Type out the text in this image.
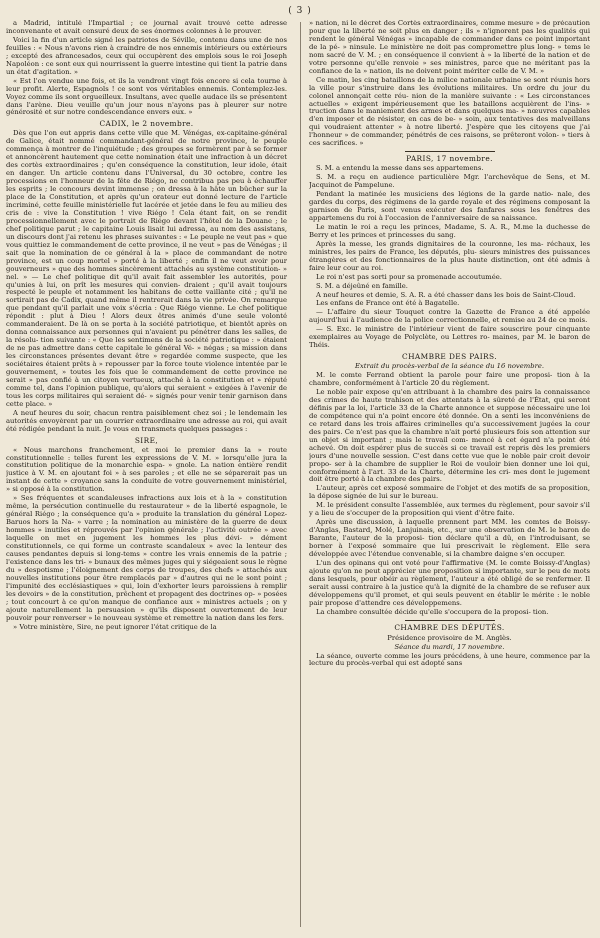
( 3 )

a Madrid, intitulé l'Impartial ; ce journal avait trouvé cette adresse inconvenante et avait censuré deux de ses énormes colonnes à le prouver.

Voici la fin d'un article signé les patriotes de Séville, contenu dans une de nos feuilles : « Nous n'avons rien à craindre de nos ennemis intérieurs ou extérieurs ; excepté des afrancesados, ceux qui occupèrent des emplois sous le roi Joseph Napoléon : ce sont eux qui nourrissent la guerre intestine qui tient la patrie dans un état d'agitation. »

« Est l'on vendue une fois, et ils la vendront vingt fois encore si cela tourne à leur profit. Alerte, Espagnols ! ce sont vos véritables ennemis. Contemplez-les. Voyez comme ils sont orgueilleux. Insultans, avec quelle audace ils se présentent dans l'arène. Dieu veuille qu'un jour nous n'ayons pas à pleurer sur notre générosité et sur notre condescendance envers eux. »

CADIX, le 2 novembre.

Dès que l'on eut appris dans cette ville que M. Vénégas, ex-capitaine-général de Galice, était nommé commandant-général de notre province, le peuple commença à montrer de l'inquiétude ; des groupes se formèrent par à se former et annoncèrent hautement que cette nomination était une infraction à un décret des cortès extraordinaires ; qu'en conséquence la constitution, leur idole, était en danger. Un article contenu dans l'Universal, du 30 octobre, contre les processions en l'honneur de la fête de Riégo, ne contribua pas peu à échauffer les esprits ; le concours devint immense ; on dressa à la hâte un bûcher sur la place de la Constitution, et après qu'un orateur eut donné lecture de l'article incriminé, cette feuille ministérielle fut lacérée et jetée dans le feu au milieu des cris de : vive la Constitution ! vive Riégo ! Cela étant fait, on se rendit processionnellement avec le portrait de Riégo devant l'hôtel de la Douane ; le chef politique parut ; le capitaine Louis lisait lui adressa, au nom des assistans, un discours dont j'ai retenu les phrases suivantes : « Le peuple ne veut pas » que vous quittiez le commandement de cette province, il ne veut » pas de Vénégas ; il sait que la nomination de ce général à la » place de commandant de notre province, est un coup mortel » porté à la liberté ; enfin il ne veut avoir pour gouverneurs » que des hommes sincèrement attachés au système constitution- » nel. » — Le chef politique dit qu'il avait fait assembler les autorités, pour qu'unies à lui, on prît les mesures qui convien- draient ; qu'il avait toujours respecté le peuple et notamment les habitans de cette vaillante cité ; qu'il ne sortirait pas de Cadix, quand même il rentrerait dans la vie privée. On remarque que pendant qu'il parlait une voix s'écria : Que Riégo vienne. Le chef politique répondit : plut à Dieu ! Alors deux êtres animés d'une seule volonté commanderaient. De là on se porta à la société patriotique, et bientôt après on donna connaissance aux personnes qui n'avaient pu pénétrer dans les salles, de la résolu- tion suivante : « Que les sentimens de la société patriotique : » étaient de ne pas admettre dans cette capitale le général Vé- » négas ; sa mission dans les circonstances présentes devant être » regardée comme suspecte, que les sociétaires étaient prêts à » repousser par la force toute violence intentée par le gouvernement, » toutes les fois que le commandement de cette province ne serait » pas confié à un citoyen vertueux, attaché à la constitution et » réputé comme tel, dans l'opinion publique, qu'alors qui seraient » exigées à l'avenir de tous les corps militaires qui seraient dé- » signés pour venir tenir garnison dans cette place. »

A neuf heures du soir, chacun rentra paisiblement chez soi ; le lendemain les autorités envoyèrent par un courrier extraordinaire une adresse au roi, qui avait été rédigée pendant la nuit. Je vous en transmets quelques passages :

SIRE,

« Nous marchons franchement, et moi le premier dans la » route constitutionnelle : telles furent les expressions de V. M. » lorsqu'elle jura la constitution politique de la monarchie espa- » gnole. La nation entière rendit justice à V. M. en ajoutant foi » à ses paroles ; et elle ne se séparerait pas un instant de cette » croyance sans la conduite de votre gouvernement ministériel, » si opposé à la constitution.

» Ses fréquentes et scandaleuses infractions aux lois et à la » constitution même, la persécution continuelle du restaurateur » de la liberté espagnole, le général Riégo ; la conséquence qu'a » produite la translation du général Lopez-Baruos hors la Na- » varre ; la nomination au ministère de la guerre de deux hommes » inutiles et réprouvés par l'opinion générale ; l'activité outrée » avec laquelle on met en jugement les hommes les plus dévi- » dément constitutionnels, ce qui forme un contraste scandaleux » avec la lenteur des causes pendantes depuis si long-tems » contre les vrais ennemis de la patrie ; l'existence dans les tri- » bunaux des mêmes juges qui y siégeaient sous le règne du » despotisme ; l'éloignement des corps de troupes, des chefs » attachés aux nouvelles institutions pour être remplacés par » d'autres qui ne le sont point ; l'impunité des ecclésiastiques » qui, loin d'exhorter leurs paroissiens à remplir les devoirs » de la constitution, prêchent et propagent des doctrines op- » posées ; tout concourt à ce qu'on manque de confiance aux » ministres actuels ; on y ajoute naturellement la persuasion » qu'ils disposent ouvertement de leur pouvoir pour renverser » le nouveau système et remettre la nation dans les fers.

» Votre ministère, Sire, ne peut ignorer l'état critique de la

» nation, ni le décret des Cortès extraordinaires, comme mesure » de précaution pour que la liberté ne soit plus en danger ; ils » n'ignorent pas les qualités qui rendent le général Vénégas » incapable de commander dans ce point important de la pé- » ninsule. Le ministère ne doit pas compromettre plus long- » tems le nom sacré de V. M. ; en conséquence il convient à » la liberté de la nation et de votre personne qu'elle renvoie » ses ministres, parce que ne méritant pas la confiance de la » nation, ils ne doivent point mériter celle de V. M. »

Ce matin, les cinq bataillons de la milice nationale urbaine se sont réunis hors la ville pour s'instruire dans les évolutions militaires. Un ordre du jour du colonel annonçait cette réu- nion de la manière suivante : « Les circonstances actuelles » exigent impérieusement que les bataillons acquièrent de l'ins- » truction dans le maniement des armes et dans quelques ma- » nœuvres capables d'en imposer et de résister, en cas de be- » soin, aux tentatives des malveillans qui voudraient attenter » à notre liberté. J'espère que les citoyens que j'ai l'honneur » de commander, pénétrés de ces raisons, se prêteront volon- » tiers à ces sacrifices. »

PARIS, 17 novembre.

S. M. a entendu la messe dans ses appartemens.

S. M. a reçu en audience particulière Mgr. l'archevêque de Sens, et M. Jacquinot de Pampelune.

Pendant la matinée les musiciens des légions de la garde natio- nale, des gardes du corps, des régimens de la garde royale et des régimens composant la garnison de Paris, sont venus exécuter des fanfares sous les fenêtres des appartemens du roi à l'occasion de l'anniversaire de sa naissance.

Le matin le roi a reçu les princes, Madame, S. A. R., M.me la duchesse de Berry et les princes et princesses du sang.

Après la messe, les grands dignitaires de la couronne, les ma- réchaux, les ministres, les pairs de France, les députés, plu- sieurs ministres des puissances étrangères et des fonctionnaires de la plus haute distinction, ont été admis à faire leur cour au roi.

Le roi n'est pas sorti pour sa promenade accoutumée.

S. M. a déjeûné en famille.

A neuf heures et demie, S. A. R. a été chasser dans les bois de Saint-Cloud.

Les enfans de France ont été à Bagatelle.

— L'affaire du sieur Touquet contre la Gazette de France a été appelée aujourd'hui à l'audience de la police correctionnelle, et remise au 24 de ce mois.

— S. Exc. le ministre de l'intérieur vient de faire souscrire pour cinquante exemplaires au Voyage de Polyclète, ou Lettres ro- maines, par M. le baron de Théis.

CHAMBRE DES PAIRS.

Extrait du procès-verbal de la séance du 16 novembre.

M. le comte Ferrand obtient la parole pour faire une proposi- tion à la chambre, conformément à l'article 20 du règlement.

Le noble pair expose qu'en attribuant à la chambre des pairs la connaissance des crimes de haute trahison et des attentats à la sûreté de l'État, qui seront définis par la loi, l'article 33 de la Charte annonce et suppose nécessaire une loi de compétence qui n'a point encore été donnée. On a senti les inconvéniens de ce retard dans les trois affaires criminelles qu'a successivement jugées la cour des pairs. Ce n'est pas que la chambre n'ait porté plusieurs fois son attention sur un objet si important ; mais le travail com- mencé à cet égard n'a point été achevé. On doit espérer plus de succès si ce travail est repris dès les premiers jours d'une nouvelle session. C'est dans cette vue que le noble pair croit devoir propo- ser à la chambre de supplier le Roi de vouloir bien donner une loi qui, conformément à l'art. 33 de la Charte, détermine les cri- mes dont le jugement doit être porté à la chambre des pairs.

L'auteur, après cet exposé sommaire de l'objet et des motifs de sa proposition, la dépose signée de lui sur le bureau.

M. le président consulte l'assemblée, aux termes du règlement, pour savoir s'il y a lieu de s'occuper de la proposition qui vient d'être faite.

Après une discussion, à laquelle prennent part MM. les comtes de Boissy-d'Anglas, Bastard, Molé, Lanjuinais, etc., sur une observation de M. le baron de Barante, l'auteur de la proposi- tion déclare qu'il a dû, en l'introduisant, se borner à l'exposé sommaire que lui prescrivait le règlement. Elle sera développée avec l'étendue convenable, si la chambre daigne s'en occuper.

L'un des opinans qui ont voté pour l'affirmative (M. le comte Boissy-d'Anglas) ajoute qu'on ne peut apprécier une proposition si importante, sur le peu de mots dans lesquels, pour obéir au règlement, l'auteur a été obligé de se renfermer. Il serait aussi contraire à la justice qu'à la dignité de la chambre de se refuser aux développemens qu'il promet, et qui seuls peuvent en établir le mérite : le noble pair propose d'attendre ces développemens.

La chambre consultée décide qu'elle s'occupera de la proposi- tion.

CHAMBRE DES DÉPUTÉS.

Présidence provisoire de M. Anglès.

Séance du mardi, 17 novembre.

La séance, ouverte comme les jours précédens, à une heure, commence par la lecture du procès-verbal qui est adopté sans
